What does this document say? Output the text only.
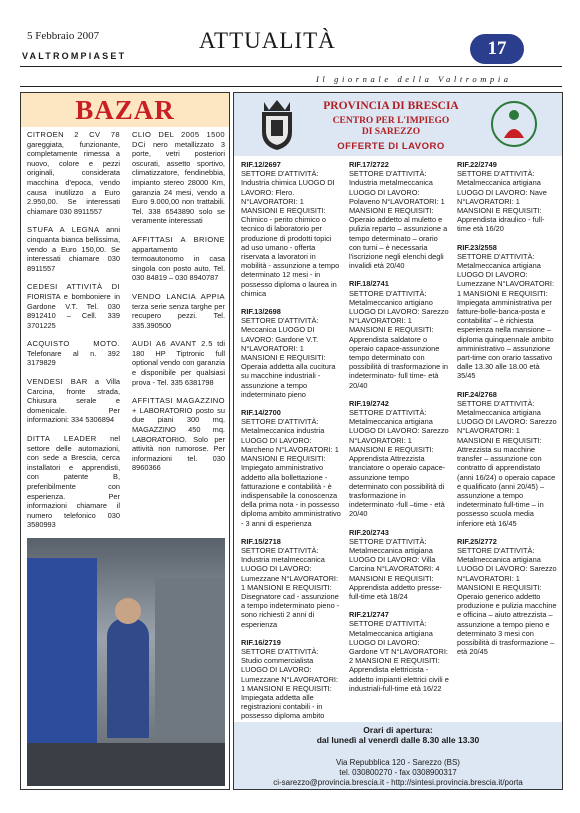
5 Febbraio 2007
VALTROMPIASET
ATTUALITÀ	17
Il giornale della Valtrompia
BAZAR

CITROEN 2 CV 78 gareggiata, funzionante, completamente rimessa a nuovo, colore e pezzi originali, considerata macchina d'epoca, vendo causa inutilizzo a Euro 2.950,00. Se interessati chiamare 030 8911557

STUFA A LEGNA anni cinquanta bianca bellissima, vendo a Euro 150,00. Se interessati chiamare 030 8911557

CEDESI ATTIVITÀ DI FIORISTA e bomboniere in Gardone V.T. Tel. 030 8912410 – Cell. 339 3701225

ACQUISTO MOTO. Telefonare al n. 392 3179829

VENDESI BAR a Villa Carcina, fronte strada, Chiusura serale e domenicale. Per informazioni: 334 5306894

DITTA LEADER nel settore delle automazioni, con sede a Brescia, cerca installatori e apprendisti, con patente B, preferibilmente con esperienza. Per informazioni chiamare il numero telefonico 030 3580993

CLIO DEL 2005 1500 DCi nero metallizzato 3 porte, vetri posteriori oscurati, assetto sportivo, climatizzatore, fendinebbia, impianto stereo 28000 Km, garanzia 24 mesi, vendo a Euro 9.000,00 non trattabili. Tel. 338 6543890 solo se veramente interessati

AFFITTASI A BRIONE appartamento termoautonomo in casa singola con posto auto. Tel. 030 84819 – 030 8940787

VENDO LANCIA APPIA terza serie senza targhe per recupero pezzi. Tel. 335.390500

AUDI A6 AVANT 2.5 tdi 180 HP Tiptronic full optional vendo con garanzia e disponibile per qualsiasi prova - Tel. 335 6381798

AFFITTASI MAGAZZINO + LABORATORIO posto su due piani 300 mq. MAGAZZINO 450 mq. LABORATORIO. Solo per attività non rumorose. Per informazioni tel. 030 8960366

PROVINCIA DI BRESCIA
CENTRO PER L'IMPIEGO
DI SAREZZO
OFFERTE DI LAVORO
RIF.12/2697
SETTORE D'ATTIVITÀ: Industria chimica LUOGO DI LAVORO: Flero. N°LAVORATORI: 1 MANSIONI E REQUISITI: Chimico - perito chimico o tecnico di laboratorio per produzione di prodotti topici ad uso umano - offerta riservata a lavoratori in mobilità - assunzione a tempo determinato 12 mesi - in possesso diploma o laurea in chimica
RIF.13/2698
SETTORE D'ATTIVITÀ: Meccanica LUOGO DI LAVORO: Gardone V.T. N°LAVORATORI: 1 MANSIONI E REQUISITI: Operaia addetta alla cucitura su macchine industriali - assunzione a tempo indeterminato pieno
RIF.14/2700
SETTORE D'ATTIVITÀ: Metalmeccanica industria LUOGO DI LAVORO: Marcheno N°LAVORATORI: 1 MANSIONI E REQUISITI: Impiegato amministrativo addetto alla bollettazione - fatturazione e contabilità - è indispensabile la conoscenza della prima nota - in possesso diploma ambito amministrativo - 3 anni di esperienza
RIF.15/2718
SETTORE D'ATTIVITÀ: Industria metalmeccanica LUOGO DI LAVORO: Lumezzane N°LAVORATORI: 1 MANSIONI E REQUISITI: Disegnatore cad - assunzione a tempo indeterminato pieno - sono richiesti 2 anni di esperienza
RIF.16/2719
SETTORE D'ATTIVITÀ: Studio commercialista LUOGO DI LAVORO: Lumezzane N°LAVORATORI: 1 MANSIONI E REQUISITI: Impiegata addetta alle registrazioni contabili - in possesso diploma ambito
RIF.17/2722
SETTORE D'ATTIVITÀ: Industria metalmeccanica LUOGO DI LAVORO: Polaveno N°LAVORATORI: 1 MANSIONI E REQUISITI: Operaio addetto al muletto e pulizia reparto – assunzione a tempo determinato – orario con turni – è necessaria l'iscrizione negli elenchi degli invalidi età 20/40
RIF.18/2741
SETTORE D'ATTIVITÀ: Metalmeccanico artigiano LUOGO DI LAVORO: Sarezzo N°LAVORATORI: 1 MANSIONI E REQUISITI: Apprendista saldatore o operaio capace-assunzione tempo determinato con possibilità di trasformazione in indeterminato- full time- età 20/40
RIF.19/2742
SETTORE D'ATTIVITÀ: Metalmeccanica artigiana LUOGO DI LAVORO: Sarezzo N°LAVORATORI: 1 MANSIONI E REQUISITI: Apprendista Attrezzista tranciatore o operaio capace- assunzione tempo determinato con possibilità di trasformazione in indeterminato -full –time - età 20/40
RIF.20/2743
SETTORE D'ATTIVITÀ: Metalmeccanica artigiana LUOGO DI LAVORO: Villa Carcina N°LAVORATORI: 4 MANSIONI E REQUISITI: Apprendista addetto presse-full-time età 18/24
RIF.21/2747
SETTORE D'ATTIVITÀ: Metalmeccanica artigiana LUOGO DI LAVORO: Gardone VT N°LAVORATORI: 2 MANSIONI E REQUISITI: Apprendista elettricista - addetto impianti elettrici civili e industriali-full-time età 16/22
RIF.22/2749
SETTORE D'ATTIVITÀ: Metalmeccanica artigiana LUOGO DI LAVORO: Nave N°LAVORATORI: 1 MANSIONI E REQUISITI: Apprendista idraulico - full-time età 16/20
RIF.23/2558
SETTORE D'ATTIVITÀ: Metalmeccanica artigiana LUOGO DI LAVORO: Lumezzane N°LAVORATORI: 1 MANSIONI E REQUISITI: Impiegata amministrativa per fatture-bolle-banca-posta e contabilita' – è richiesta esperienza nella mansione – diploma quinquennale ambito amministrativo – assunzione part-time con orario tassativo dalle 13.30 alle 18.00 età 35/45
RIF.24/2768
SETTORE D'ATTIVITÀ: Metalmeccanica artigiana LUOGO DI LAVORO: Sarezzo N°LAVORATORI: 1 MANSIONI E REQUISITI: Attrezzista su macchine transfer – assunzione con contratto di apprendistato (anni 16/24) o operaio capace e qualificato (anni 20/45) – assunzione a tempo indeterminato full-time – in possesso scuola media inferiore età 16/45
RIF.25/2772
SETTORE D'ATTIVITÀ: Metalmeccanica artigiana LUOGO DI LAVORO: Sarezzo N°LAVORATORI: 1 MANSIONI E REQUISITI: Operaio generico addetto produzione e pulizia macchine e officina – aiuto attrezzista – assunzione a tempo pieno e determinato 3 mesi con possibilità di trasformazione – età 20/45
Orari di apertura:
dal lunedì al venerdì dalle 8.30 alle 13.30
Via Repubblica 120 - Sarezzo (BS)
tel. 030800270 - fax 0308900317
ci-sarezzo@provincia.brescia.it - http://sintesi.provincia.brescia.it/porta
